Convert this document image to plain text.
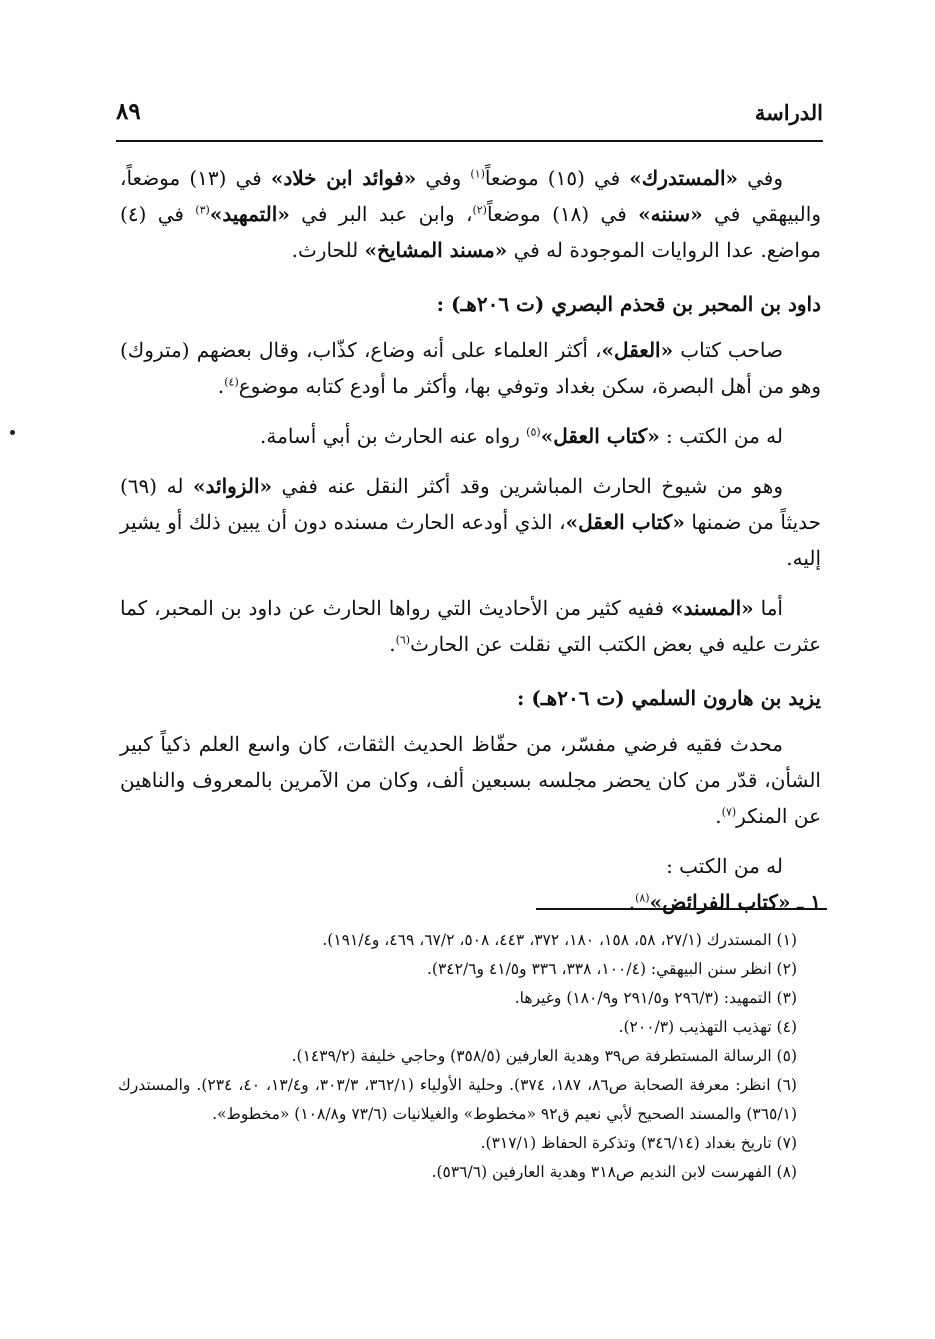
الدراسة
٨٩

وفي «المستدرك» في (١٥) موضعاً$^{(١)}$ وفي «فوائد ابن خلاد» في (١٣) موضعاً، والبيهقي في «سننه» في (١٨) موضعاً$^{(٢)}$، وابن عبد البر في «التمهيد»$^{(٣)}$ في (٤) مواضع. عدا الروايات الموجودة له في «مسند المشايخ» للحارث.

داود بن المحبر بن قحذم البصري (ت ٢٠٦هـ) :

صاحب كتاب «العقل»، أكثر العلماء على أنه وضاع، كذّاب، وقال بعضهم (متروك) وهو من أهل البصرة، سكن بغداد وتوفي بها، وأكثر ما أودع كتابه موضوع$^{(٤)}$.

له من الكتب : «كتاب العقل»$^{(٥)}$ رواه عنه الحارث بن أبي أسامة.

وهو من شيوخ الحارث المباشرين وقد أكثر النقل عنه ففي «الزوائد» له (٦٩) حديثاً من ضمنها «كتاب العقل»، الذي أودعه الحارث مسنده دون أن يبين ذلك أو يشير إليه.

أما «المسند» ففيه كثير من الأحاديث التي رواها الحارث عن داود بن المحبر، كما عثرت عليه في بعض الكتب التي نقلت عن الحارث$^{(٦)}$.

يزيد بن هارون السلمي (ت ٢٠٦هـ) :

محدث فقيه فرضي مفسّر، من حفّاظ الحديث الثقات، كان واسع العلم ذكياً كبير الشأن، قدّر من كان يحضر مجلسه بسبعين ألف، وكان من الآمرين بالمعروف والناهين عن المنكر$^{(٧)}$.

له من الكتب :

١ ـ «كتاب الفرائض»$^{(٨)}$.

(١) المستدرك (٢٧/١، ٥٨، ١٥٨، ١٨٠، ٣٧٢، ٤٤٣، ٥٠٨، ٦٧/٢، ٤٦٩، و١٩١/٤).

(٢) انظر سنن البيهقي: (١٠٠/٤، ٣٣٨، ٣٣٦ و٤١/٥ و٣٤٢/٦).

(٣) التمهيد: (٢٩٦/٣ و٢٩١/٥ و١٨٠/٩) وغيرها.

(٤) تهذيب التهذيب (٢٠٠/٣).

(٥) الرسالة المستطرفة ص٣٩ وهدية العارفين (٣٥٨/٥) وحاجي خليفة (١٤٣٩/٢).

(٦) انظر: معرفة الصحابة ص٨٦، ١٨٧، ٣٧٤). وحلية الأولياء (٣٦٢/١، ٣٠٣/٣، و١٣/٤، ٤٠، ٢٣٤). والمستدرك (٣٦٥/١) والمسند الصحيح لأبي نعيم ق٩٢ «مخطوط» والغيلانيات (٧٣/٦ و١٠٨/٨) «مخطوط».

(٧) تاريخ بغداد (٣٤٦/١٤) وتذكرة الحفاظ (٣١٧/١).

(٨) الفهرست لابن النديم ص٣١٨ وهدية العارفين (٥٣٦/٦).
